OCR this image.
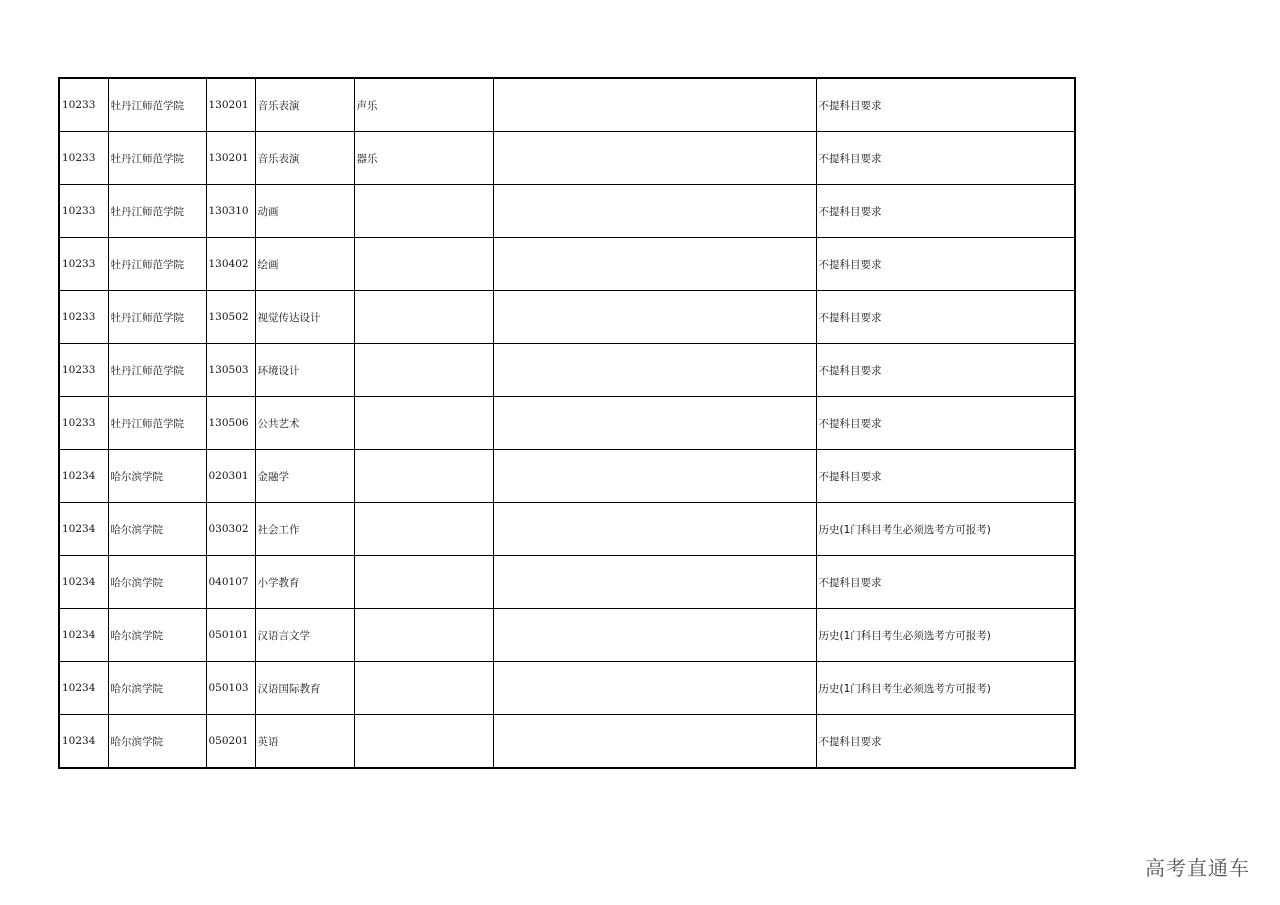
10233	牡丹江师范学院	130201	音乐表演	声乐		不提科目要求
10233	牡丹江师范学院	130201	音乐表演	器乐		不提科目要求
10233	牡丹江师范学院	130310	动画			不提科目要求
10233	牡丹江师范学院	130402	绘画			不提科目要求
10233	牡丹江师范学院	130502	视觉传达设计			不提科目要求
10233	牡丹江师范学院	130503	环境设计			不提科目要求
10233	牡丹江师范学院	130506	公共艺术			不提科目要求
10234	哈尔滨学院	020301	金融学			不提科目要求
10234	哈尔滨学院	030302	社会工作			历史(1门科目考生必须选考方可报考)
10234	哈尔滨学院	040107	小学教育			不提科目要求
10234	哈尔滨学院	050101	汉语言文学			历史(1门科目考生必须选考方可报考)
10234	哈尔滨学院	050103	汉语国际教育			历史(1门科目考生必须选考方可报考)
10234	哈尔滨学院	050201	英语			不提科目要求
高考直通车
